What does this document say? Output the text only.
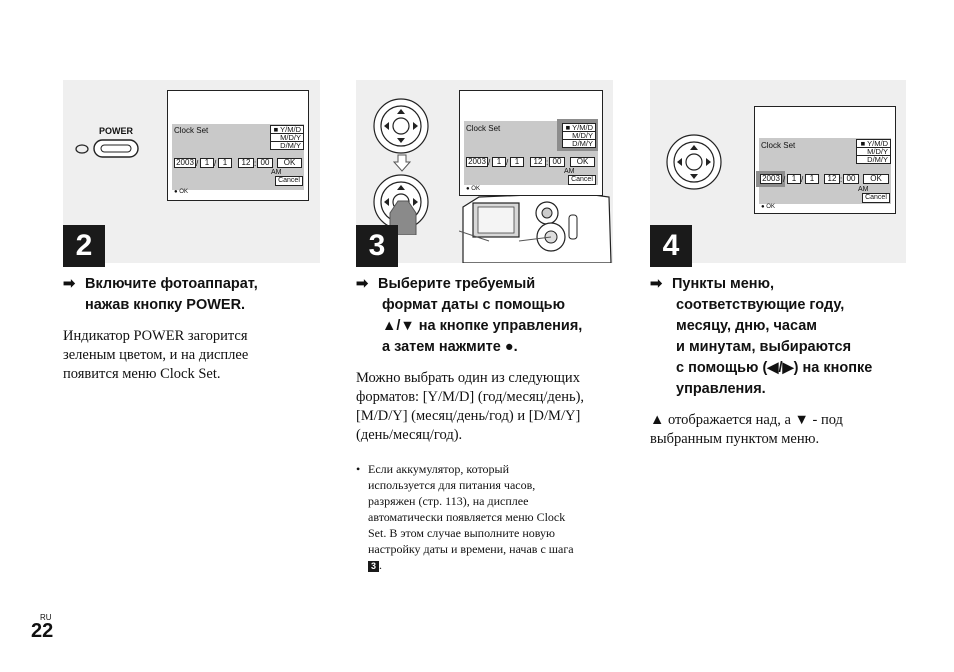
POWER	Clock Set	■ Y/M/D
M/D/Y
D/M/Y
2003 / 1 / 1	12 : 00	OK
AM
Cancel
● OK
2
➡ Включите фотоаппарат,
нажав кнопку POWER.
Индикатор POWER загорится
зеленым цветом, и на дисплее
появится меню Clock Set.
Clock Set	■ Y/M/D
M/D/Y
D/M/Y
2003 / 1 / 1	12 : 00	OK
AM
Cancel
● OK
3
➡ Выберите требуемый
формат даты с помощью
▲/▼ на кнопке управления,
а затем нажмите ●.
Можно выбрать один из следующих
форматов: [Y/M/D] (год/месяц/день),
[M/D/Y] (месяц/день/год) и [D/M/Y]
(день/месяц/год).
• Если аккумулятор, который
используется для питания часов,
разряжен (стр. 113), на дисплее
автоматически появляется меню Clock
Set. В этом случае выполните новую
настройку даты и времени, начав с шага
3 .
Clock Set	■ Y/M/D
M/D/Y
D/M/Y
2003 / 1 / 1	12 : 00	OK
AM
Cancel
● OK
4
➡ Пункты меню,
соответствующие году,
месяцу, дню, часам
и минутам, выбираются
с помощью (◀/▶) на кнопке
управления.
▲ отображается над, а ▼ - под
выбранным пунктом меню.
RU
22
